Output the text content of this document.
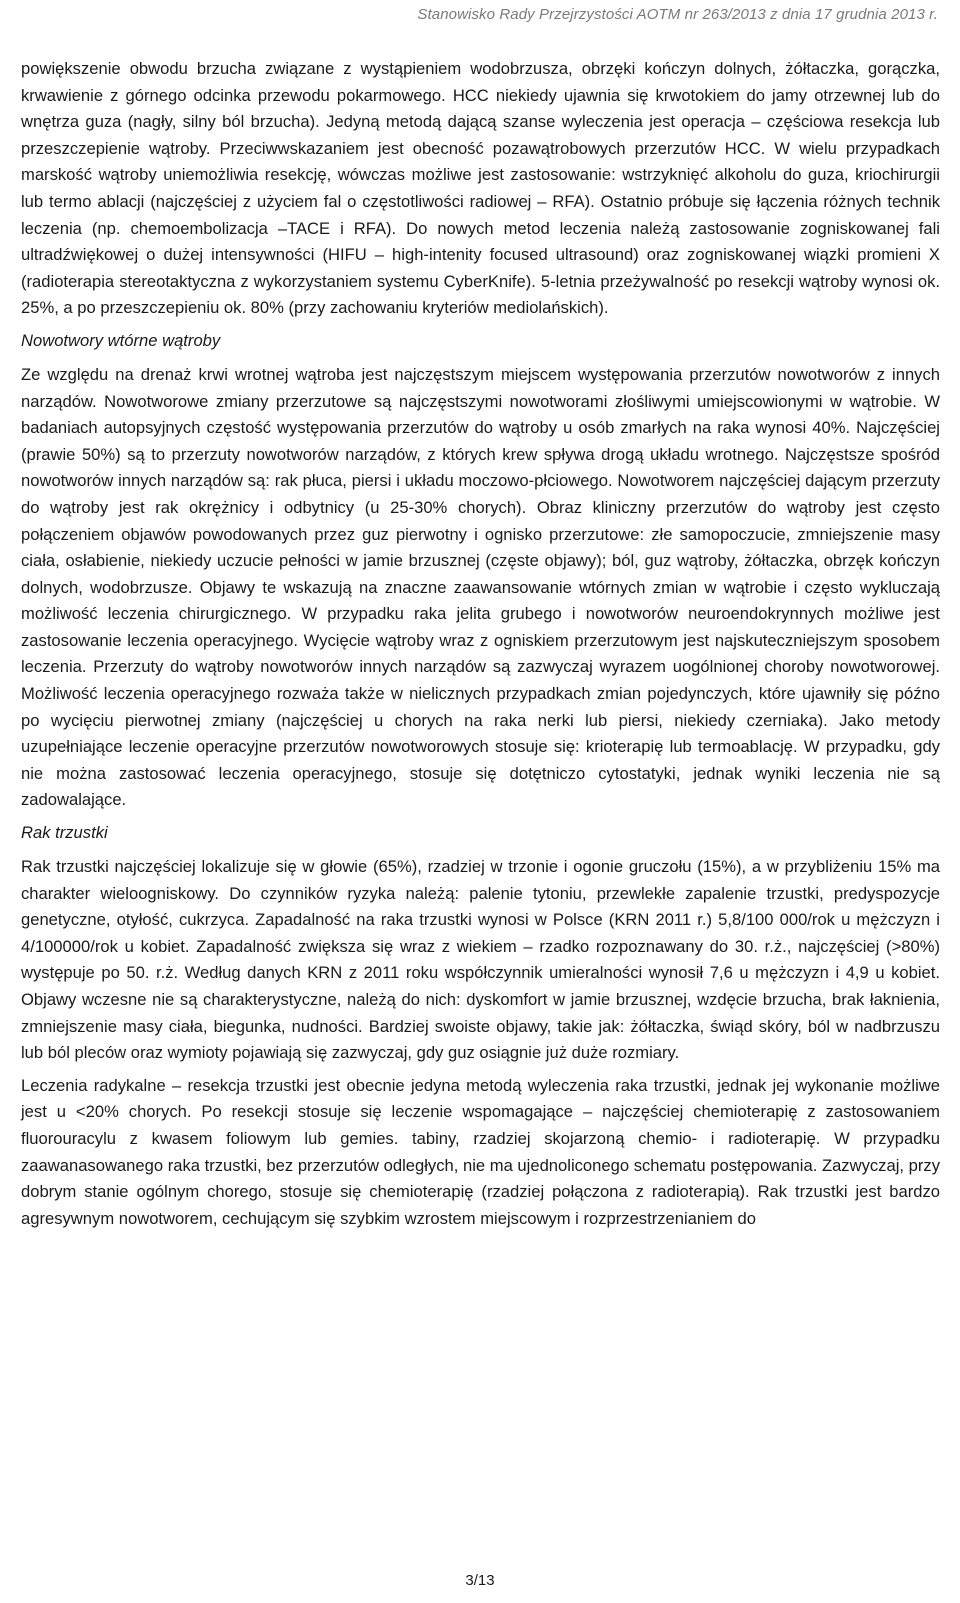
Stanowisko Rady Przejrzystości AOTM nr 263/2013 z dnia 17 grudnia 2013 r.

powiększenie obwodu brzucha związane z wystąpieniem wodobrzusza, obrzęki kończyn dolnych, żółtaczka, gorączka, krwawienie z górnego odcinka przewodu pokarmowego. HCC niekiedy ujawnia się krwotokiem do jamy otrzewnej lub do wnętrza guza (nagły, silny ból brzucha). Jedyną metodą dającą szanse wyleczenia jest operacja – częściowa resekcja lub przeszczepienie wątroby. Przeciwwskazaniem jest obecność pozawątrobowych przerzutów HCC. W wielu przypadkach marskość wątroby uniemożliwia resekcję, wówczas możliwe jest zastosowanie: wstrzyknięć alkoholu do guza, kriochirurgii lub termo ablacji (najczęściej z użyciem fal o częstotliwości radiowej – RFA). Ostatnio próbuje się łączenia różnych technik leczenia (np. chemoembolizacja –TACE i RFA). Do nowych metod leczenia należą zastosowanie zogniskowanej fali ultradźwiękowej o dużej intensywności (HIFU – high-intenity focused ultrasound) oraz zogniskowanej wiązki promieni X (radioterapia stereotaktyczna z wykorzystaniem systemu CyberKnife). 5-letnia przeżywalność po resekcji wątroby wynosi ok. 25%, a po przeszczepieniu ok. 80% (przy zachowaniu kryteriów mediolańskich).

Nowotwory wtórne wątroby

Ze względu na drenaż krwi wrotnej wątroba jest najczęstszym miejscem występowania przerzutów nowotworów z innych narządów. Nowotworowe zmiany przerzutowe są najczęstszymi nowotworami złośliwymi umiejscowionymi w wątrobie. W badaniach autopsyjnych częstość występowania przerzutów do wątroby u osób zmarłych na raka wynosi 40%. Najczęściej (prawie 50%) są to przerzuty nowotworów narządów, z których krew spływa drogą układu wrotnego. Najczęstsze spośród nowotworów innych narządów są: rak płuca, piersi i układu moczowo-płciowego. Nowotworem najczęściej dającym przerzuty do wątroby jest rak okrężnicy i odbytnicy (u 25-30% chorych). Obraz kliniczny przerzutów do wątroby jest często połączeniem objawów powodowanych przez guz pierwotny i ognisko przerzutowe: złe samopoczucie, zmniejszenie masy ciała, osłabienie, niekiedy uczucie pełności w jamie brzusznej (częste objawy); ból, guz wątroby, żółtaczka, obrzęk kończyn dolnych, wodobrzusze. Objawy te wskazują na znaczne zaawansowanie wtórnych zmian w wątrobie i często wykluczają możliwość leczenia chirurgicznego. W przypadku raka jelita grubego i nowotworów neuroendokrynnych możliwe jest zastosowanie leczenia operacyjnego. Wycięcie wątroby wraz z ogniskiem przerzutowym jest najskuteczniejszym sposobem leczenia. Przerzuty do wątroby nowotworów innych narządów są zazwyczaj wyrazem uogólnionej choroby nowotworowej. Możliwość leczenia operacyjnego rozważa także w nielicznych przypadkach zmian pojedynczych, które ujawniły się późno po wycięciu pierwotnej zmiany (najczęściej u chorych na raka nerki lub piersi, niekiedy czerniaka). Jako metody uzupełniające leczenie operacyjne przerzutów nowotworowych stosuje się: krioterapię lub termoablację. W przypadku, gdy nie można zastosować leczenia operacyjnego, stosuje się dotętniczo cytostatyki, jednak wyniki leczenia nie są zadowalające.

Rak trzustki

Rak trzustki najczęściej lokalizuje się w głowie (65%), rzadziej w trzonie i ogonie gruczołu (15%), a w przybliżeniu 15% ma charakter wieloogniskowy. Do czynników ryzyka należą: palenie tytoniu, przewlekłe zapalenie trzustki, predyspozycje genetyczne, otyłość, cukrzyca. Zapadalność na raka trzustki wynosi w Polsce (KRN 2011 r.) 5,8/100 000/rok u mężczyzn i 4/100000/rok u kobiet. Zapadalność zwiększa się wraz z wiekiem – rzadko rozpoznawany do 30. r.ż., najczęściej (>80%) występuje po 50. r.ż. Według danych KRN z 2011 roku współczynnik umieralności wynosił 7,6 u mężczyzn i 4,9 u kobiet. Objawy wczesne nie są charakterystyczne, należą do nich: dyskomfort w jamie brzusznej, wzdęcie brzucha, brak łaknienia, zmniejszenie masy ciała, biegunka, nudności. Bardziej swoiste objawy, takie jak: żółtaczka, świąd skóry, ból w nadbrzuszu lub ból pleców oraz wymioty pojawiają się zazwyczaj, gdy guz osiągnie już duże rozmiary.

Leczenia radykalne – resekcja trzustki jest obecnie jedyna metodą wyleczenia raka trzustki, jednak jej wykonanie możliwe jest u <20% chorych. Po resekcji stosuje się leczenie wspomagające – najczęściej chemioterapię z zastosowaniem fluorouracylu z kwasem foliowym lub gemies. tabiny, rzadziej skojarzoną chemio- i radioterapię. W przypadku zaawanasowanego raka trzustki, bez przerzutów odległych, nie ma ujednoliconego schematu postępowania. Zazwyczaj, przy dobrym stanie ogólnym chorego, stosuje się chemioterapię (rzadziej połączona z radioterapią). Rak trzustki jest bardzo agresywnym nowotworem, cechującym się szybkim wzrostem miejscowym i rozprzestrzenianiem do

3/13
